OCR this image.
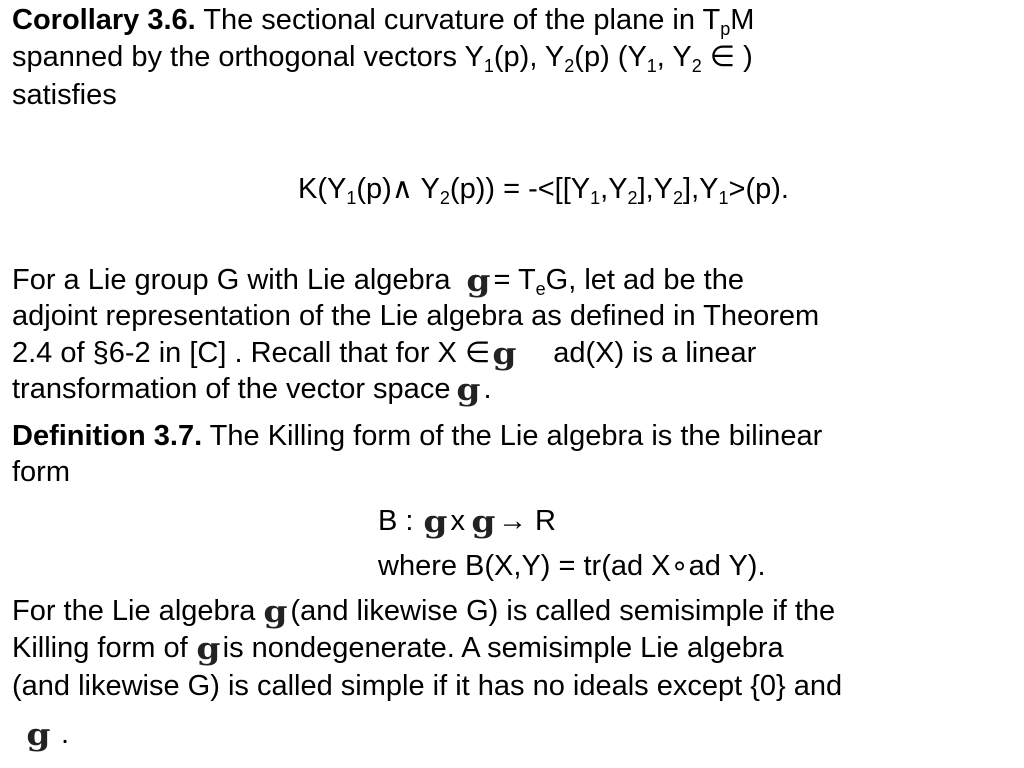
Corollary 3.6. The sectional curvature of the plane in $T_pM$
spanned by the orthogonal vectors $Y_1(p)$, $Y_2(p)$ ($Y_1$, $Y_2$ ∈ )
satisfies
$K(Y_1(p)\wedge$ $Y_2(p)) = -<[[Y_1,Y_2],Y_2],Y_1>(p)$.
For a Lie group G with Lie algebra $g= T_eG$, let ad be the
adjoint representation of the Lie algebra as defined in Theorem
2.4 of §6-2 in [C] . Recall that for X ∈g ad(X) is a linear
transformation of the vector space g.
Definition 3.7. The Killing form of the Lie algebra is the bilinear
form
B : gx g→ R
where B(X,Y) = tr(ad X∘ad Y).
For the Lie algebra g(and likewise G) is called semisimple if the
Killing form of gis nondegenerate. A semisimple Lie algebra
(and likewise G) is called simple if it has no ideals except {0} and
g .
